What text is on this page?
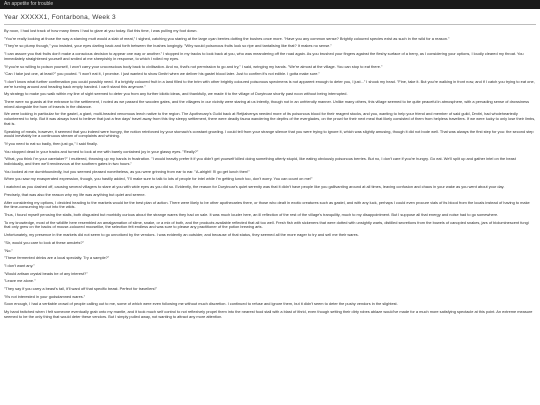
An appetite for trouble
Year XXXXX1, Fontarbona, Week 3

By noon, I had lost track of how many times I had to glare at you today. But this time, I was pulling my foot down.

"You're really looking at those the way a starving mutt would a slab of meat," I sighed, catching you staring at the large cyan berries dotting the bushes once more. "Have you any common sense? Brightly coloured species exist as such in the wild for a reason."

"They're so plump though," you insisted, your eyes darting back and forth between the bushes longingly. "Why would poisonous fruits look so ripe and tantalising like that? It makes no sense."

"I can assure you that fruits don't make a conscious decision to appear one way or another." I stopped in my tracks to look back at you, who was meandering off the road again. As you brushed your fingers against the fleshy surface of a berry, as I considering your options, I loudly cleared my throat. You immediately straightened yourself and smiled at me sheepishly in response, to which I rolled my eyes.

"If you're so willing to poison yourself, I won't carry your unconscious body back to civilisation. And no, that's not permission to go and try," I said, wringing my hands. "We're almost at the village. You can stop to eat there."

"Can I take just one, at least?" you pouted. "I won't eat it, I promise. I just wanted to show Dmitri when we deliver his gastel blood later. Just to confirm it's not edible. I gotta make sure."

"I don't know what further confirmation you could possibly need. If a brightly coloured fruit in a land filled to the brim with other brightly coloured poisonous specimens is not apparent enough to deter you, I just..." I shook my head. "Fine, take it. But you're walking in front now, and if I catch you trying to eat one, we're turning around and heading back empty handed. I can't stand this anymore."

My strategy to make you walk within my line of sight seemed to deter you from any further idiotic ideas, and thankfully, we made it to the village of Durytnoar shortly past noon without being interrupted.

There were no guards at the entrance to the settlement, I noted as we passed the wooden gates, and the villagers in our vicinity were staring at us intently, though not in an unfriendly manner. Unlike many others, this village seemed to be quite peaceful in atmosphere, with a pervading sense of drowsiness mixed alongside the hum of insects in the distance.

We were looking in particular for the gastel, a giant, multi-headed venomous leech native to the region. The Apothecary's Guild back at Retjialvenya needed more of its poisonous blood for their reagent stocks, and you, wanting to help your friend and member of said guild, Dmitri, had wholeheartedly volunteered to help. But it was always hard to believe that just a few days' travel away from this tiny sleepy settlement, there were deadly fauna wandering the depths of the everglades, on the prowl for their next meal that likely consisted of them from helpless travellers. If we were lucky to only lose their limbs, that is.

Speaking of meals, however, it seemed that you indeed were hungry, the notion reinforced by your stomach's constant growling. I could tell from your strange silence that you were trying to ignore it, which was slightly amusing, though it did not bode well. That was always the first step for you: the second step would inevitably be a continuous stream of complaints and whining.

"If you need to eat so badly, then just go," I said finally.

You stopped dead in your tracks and turned to look at me with barely contained joy in your glassy eyes. "Really?"

"What, you think I'm your caretaker?" I muttered, throwing up my hands in frustration. "I would heavily prefer it if you didn't get yourself killed doing something utterly stupid, like eating obviously poisonous berries. But no, I don't care if you're hungry. Go eat. We'll split up and gather intel on the beast individually, and then we'll rendezvous at the southern gates in two hours."

You looked at me dumbfoundedly, but you seemed pleased nonetheless, as you were grinning from ear to ear. "A-alright! I'll go get lunch then!"

When you saw my exasperated expression, though, you hastily added, "I'll make sure to talk to lots of people for intel while I'm getting lunch too, don't worry. You can count on me!"

I watched as you dashed off, causing several villagers to stare at you with wide eyes as you did so. Evidently, the reason for Durytnoar's quiet serenity was that it didn't have people like you gallivanting around at all times, leaving confusion and chaos in your wake as you went about your day.

Precisely, that was also the reason why my life was anything but quiet and serene.

After considering my options, I decided heading to the markets would be the best plan of action. There were likely to be other apothecaries there, or those who dealt in exotic creatures such as gastel, and with any luck, perhaps I could even procure vials of its blood from the locals instead of having to make the time-consuming trip out into the wilds.

Thus, I found myself perusing the stalls, both disgusted but morbidly curious about the strange wares they had on sale. It was much louder here, an ill reflection of the rest of the village's tranquility, much to my disappointment. But I suppose all that energy and noise had to go somewhere.

To my knowledge, most of the wildlife here resembled an amalgamation of slime, snake, or a mix of both, and the products available reflected that all too well. Fresh fish with sickeners that were dotted with unsightly warts, distilled secretions from the bowels of canopied snakes, jars of bioluminescent fungi that only grew on the backs of mouse-coloured mooselike, the selection felt endless and was sure to please any practitioner of the potion brewing arts.

Unfortunately, my presence in the markets did not seem to go unnoticed by the vendors. I was evidently an outsider, and because of that status, they seemed all the more eager to try and sell me their wares.

"Sir, would you care to look at these amulets?"

"No."

"These fermented drinks are a local specialty. Try a sample?"

"I don't want any."

"Would artisan crystal beads be of any interest?"

"Leave me alone."

"They say if you carry a beast's tail, it'll ward off that specific beast. Perfect for travellers!"

"It's not interested in your godsdamned wares."

Soon enough, I had a veritable crowd of people calling out to me, some of which were even following me without much discretion. I continued to refuse and ignore them, but it didn't seem to deter the pushy vendors in the slightest.

My hand twitched when I felt someone eventually grab onto my mantle, and it took much self control to not reflexively propel them into the nearest food stall with a blast of ithrid, even though setting their dirty robes ablaze would've made for a much more satisfying spectacle at this point. An extreme measure seemed to be the only thing that would deter these vendors. But I simply pulled away, not wanting to attract any more attention.
